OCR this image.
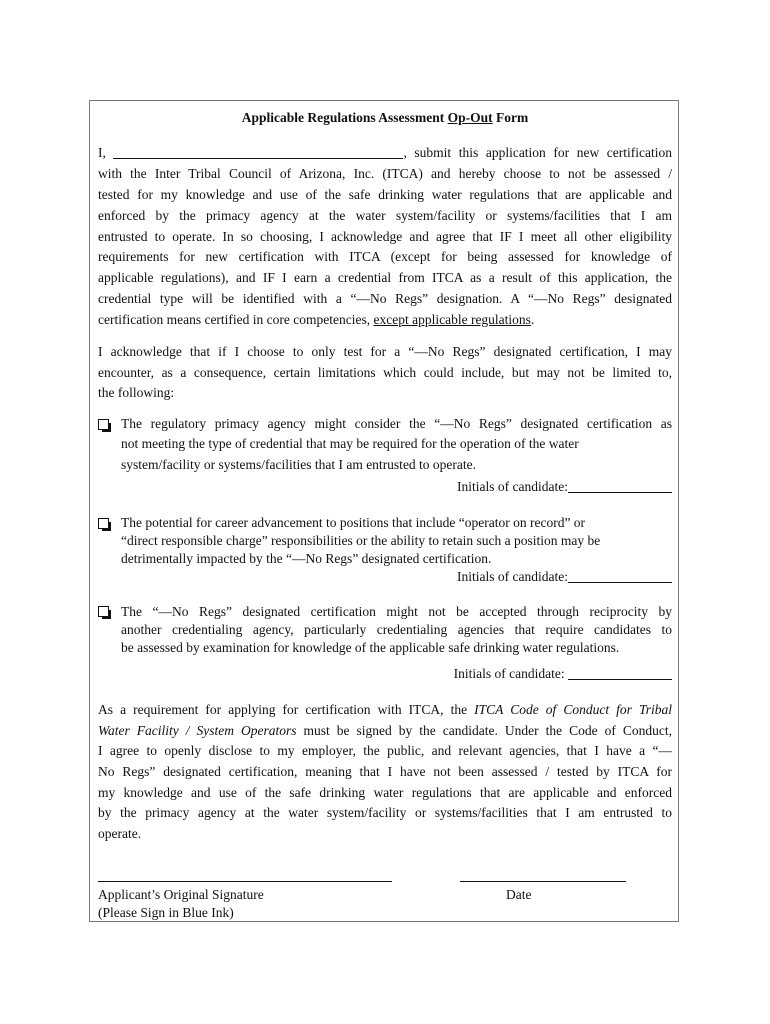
Applicable Regulations Assessment Op-Out Form
I,	, submit this application for new certification
with the Inter Tribal Council of Arizona, Inc. (ITCA) and hereby choose to not be assessed /
tested for my knowledge and use of the safe drinking water regulations that are applicable and
enforced by the primacy agency at the water system/facility or systems/facilities that I am
entrusted to operate. In so choosing, I acknowledge and agree that IF I meet all other eligibility
requirements for new certification with ITCA (except for being assessed for knowledge of
applicable regulations), and IF I earn a credential from ITCA as a result of this application, the
credential type will be identified with a “—No Regs” designation. A “—No Regs” designated
certification means certified in core competencies, except applicable regulations.
I acknowledge that if I choose to only test for a “—No Regs” designated certification, I may
encounter, as a consequence, certain limitations which could include, but may not be limited to,
the following:
The regulatory primacy agency might consider the “—No Regs” designated certification as
not meeting the type of credential that may be required for the operation of the water
system/facility or systems/facilities that I am entrusted to operate.
Initials of candidate:
The potential for career advancement to positions that include “operator on record” or
“direct responsible charge” responsibilities or the ability to retain such a position may be
detrimentally impacted by the “—No Regs” designated certification.
Initials of candidate:
The “—No Regs” designated certification might not be accepted through reciprocity by
another credentialing agency, particularly credentialing agencies that require candidates to
be assessed by examination for knowledge of the applicable safe drinking water regulations.
Initials of candidate:
As a requirement for applying for certification with ITCA, the ITCA Code of Conduct for Tribal
Water Facility / System Operators must be signed by the candidate. Under the Code of Conduct,
I agree to openly disclose to my employer, the public, and relevant agencies, that I have a “—
No Regs” designated certification, meaning that I have not been assessed / tested by ITCA for
my knowledge and use of the safe drinking water regulations that are applicable and enforced
by the primacy agency at the water system/facility or systems/facilities that I am entrusted to
operate.
Applicant’s Original Signature
(Please Sign in Blue Ink)
Date
